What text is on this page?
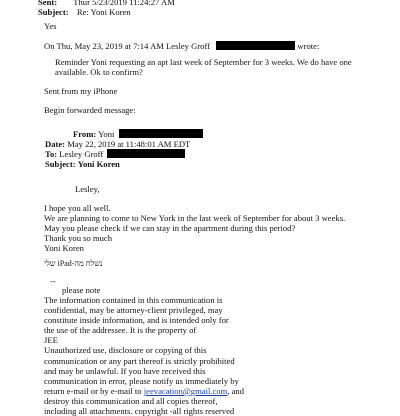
Sent: Thur 5/23/2019 11:24:27 AM
Subject: Re: Yoni Koren
Yes
On Thu, May 23, 2019 at 7:14 AM Lesley Groff	wrote:
Reminder Yoni requesting an apt last week of September for 3 weeks. We do have one
available. Ok to confirm?
Sent from my iPhone
Begin forwarded message:
From: Yoni
Date: May 22, 2019 at 11:48:01 AM EDT
To: Lesley Groff
Subject: Yoni Koren
Lesley,
I hope you all well.
We are planning to come to New York in the last week of September for about 3 weeks.
May you please check if we can stay in the apartment during this period?
Thank you so much
Yoni Koren
נשלח מה-iPad שלי
--
please note
The information contained in this communication is
confidential, may be attorney-client privileged, may
constitute inside information, and is intended only for
the use of the addressee. It is the property of
JEE
Unauthorized use, disclosure or copying of this
communication or any part thereof is strictly prohibited
and may be unlawful. If you have received this
communication in error, please notify us immediately by
return e-mail or by e-mail to jeevacation@gmail.com, and
destroy this communication and all copies thereof,
including all attachments. copyright -all rights reserved
